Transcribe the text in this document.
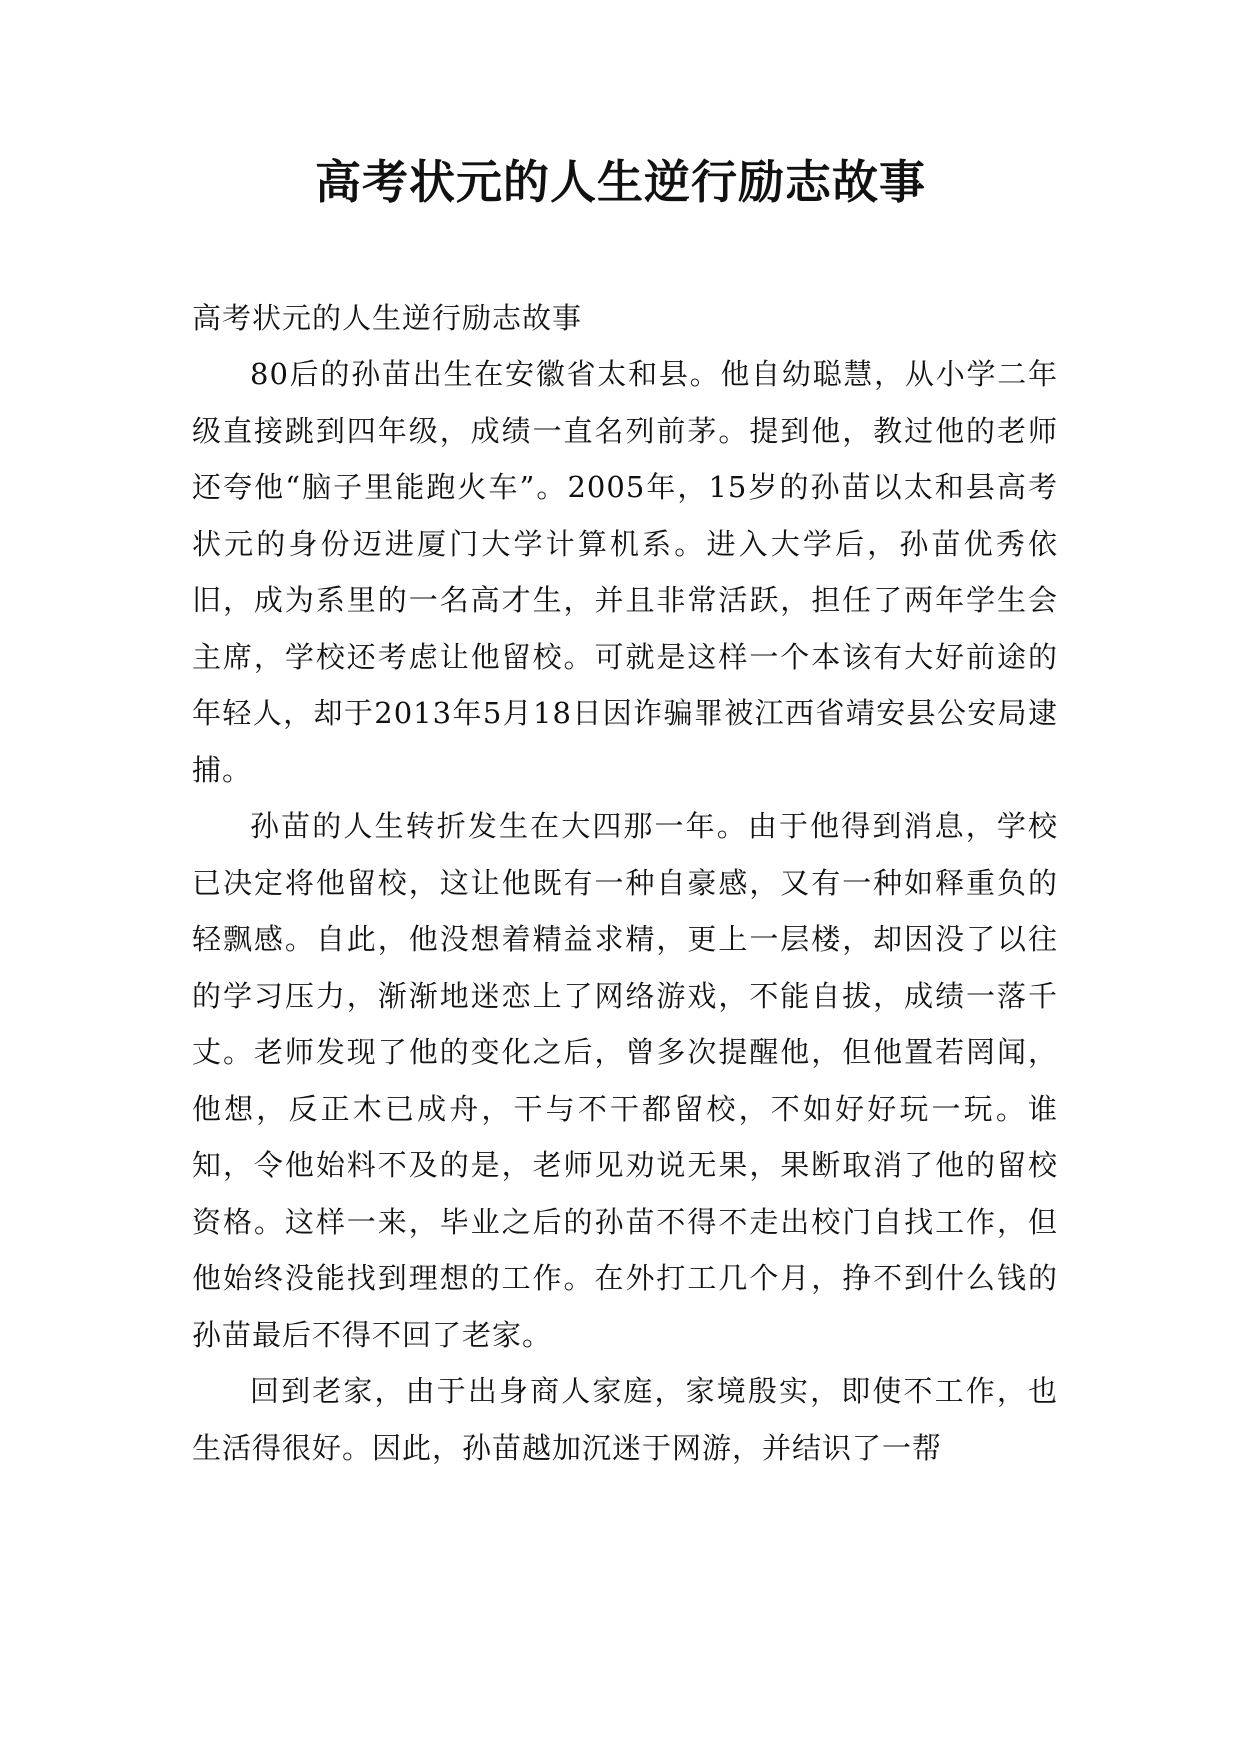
高考状元的人生逆行励志故事

高考状元的人生逆行励志故事

80后的孙苗出生在安徽省太和县。他自幼聪慧，从小学二年级直接跳到四年级，成绩一直名列前茅。提到他，教过他的老师还夸他“脑子里能跑火车”。2005年，15岁的孙苗以太和县高考状元的身份迈进厦门大学计算机系。进入大学后，孙苗优秀依旧，成为系里的一名高才生，并且非常活跃，担任了两年学生会主席，学校还考虑让他留校。可就是这样一个本该有大好前途的年轻人，却于2013年5月18日因诈骗罪被江西省靖安县公安局逮捕。

孙苗的人生转折发生在大四那一年。由于他得到消息，学校已决定将他留校，这让他既有一种自豪感，又有一种如释重负的轻飘感。自此，他没想着精益求精，更上一层楼，却因没了以往的学习压力，渐渐地迷恋上了网络游戏，不能自拔，成绩一落千丈。老师发现了他的变化之后，曾多次提醒他，但他置若罔闻，他想，反正木已成舟，干与不干都留校，不如好好玩一玩。谁知，令他始料不及的是，老师见劝说无果，果断取消了他的留校资格。这样一来，毕业之后的孙苗不得不走出校门自找工作，但他始终没能找到理想的工作。在外打工几个月，挣不到什么钱的孙苗最后不得不回了老家。

回到老家，由于出身商人家庭，家境殷实，即使不工作，也生活得很好。因此，孙苗越加沉迷于网游，并结识了一帮
